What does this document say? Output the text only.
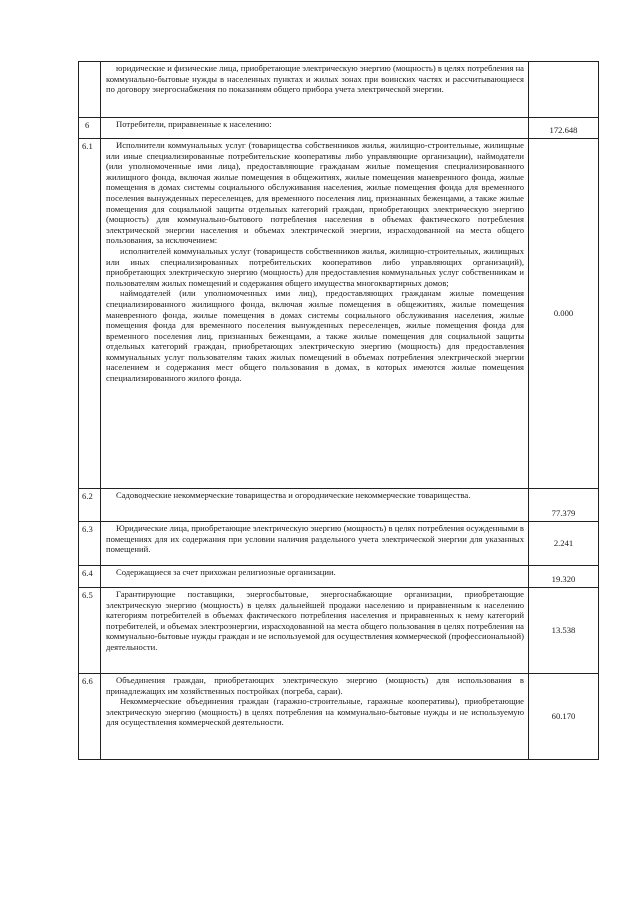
	юридические и физические лица, приобретающие электрическую энергию (мощность) в целях потребления на коммунально-бытовые нужды в населенных пунктах и жилых зонах при воинских частях и рассчитывающиеся по договору энергоснабжения по показаниям общего прибора учета электрической энергии.	

6	Потребители, приравненные к населению:	172.648
6.1	Исполнители коммунальных услуг (товарищества собственников жилья, жилищно-строительные, жилищные или иные специализированные потребительские кооперативы либо управляющие организации), наймодатели (или уполномоченные ими лица), предоставляющие гражданам жилые помещения специализированного жилищного фонда, включая жилые помещения в общежитиях, жилые помещения маневренного фонда, жилые помещения в домах системы социального обслуживания населения, жилые помещения фонда для временного поселения вынужденных переселенцев, для временного поселения лиц, признанных беженцами, а также жилые помещения для социальной защиты отдельных категорий граждан, приобретающих электрическую энергию (мощность) для коммунально-бытового потребления населения в объемах фактического потребления электрической энергии населения и объемах электрической энергии, израсходованной на места общего пользования, за исключением:

исполнителей коммунальных услуг (товариществ собственников жилья, жилищно-строительных, жилищных или иных специализированных потребительских кооперативов либо управляющих организаций), приобретающих электрическую энергию (мощность) для предоставления коммунальных услуг собственникам и пользователям жилых помещений и содержания общего имущества многоквартирных домов;

наймодателей (или уполномоченных ими лиц), предоставляющих гражданам жилые помещения специализированного жилищного фонда, включая жилые помещения в общежитиях, жилые помещения маневренного фонда, жилые помещения в домах системы социального обслуживания населения, жилые помещения фонда для временного поселения вынужденных переселенцев, жилые помещения фонда для временного поселения лиц, признанных беженцами, а также жилые помещения для социальной защиты отдельных категорий граждан, приобретающих электрическую энергию (мощность) для предоставления коммунальных услуг пользователям таких жилых помещений в объемах потребления электрической энергии населением и содержания мест общего пользования в домах, в которых имеются жилые помещения специализированного жилого фонда.	0.000
6.2	Садоводческие некоммерческие товарищества и огороднические некоммерческие товарищества.	77.379
6.3	Юридические лица, приобретающие электрическую энергию (мощность) в целях потребления осужденными в помещениях для их содержания при условии наличия раздельного учета электрической энергии для указанных помещений.	2.241
6.4	Содержащиеся за счет прихожан религиозные организации.	19.320
6.5	Гарантирующие поставщики, энергосбытовые, энергоснабжающие организации, приобретающие электрическую энергию (мощность) в целях дальнейшей продажи населению и приравненным к населению категориям потребителей в объемах фактического потребления населения и приравненных к нему категорий потребителей, и объемах электроэнергии, израсходованной на места общего пользования в целях потребления на коммунально-бытовые нужды граждан и не используемой для осуществления коммерческой (профессиональной) деятельности.	13.538
6.6	Объединения граждан, приобретающих электрическую энергию (мощность) для использования в принадлежащих им хозяйственных постройках (погреба, сараи).

Некоммерческие объединения граждан (гаражно-строительные, гаражные кооперативы), приобретающие электрическую энергию (мощность) в целях потребления на коммунально-бытовые нужды и не используемую для осуществления коммерческой деятельности.	60.170
